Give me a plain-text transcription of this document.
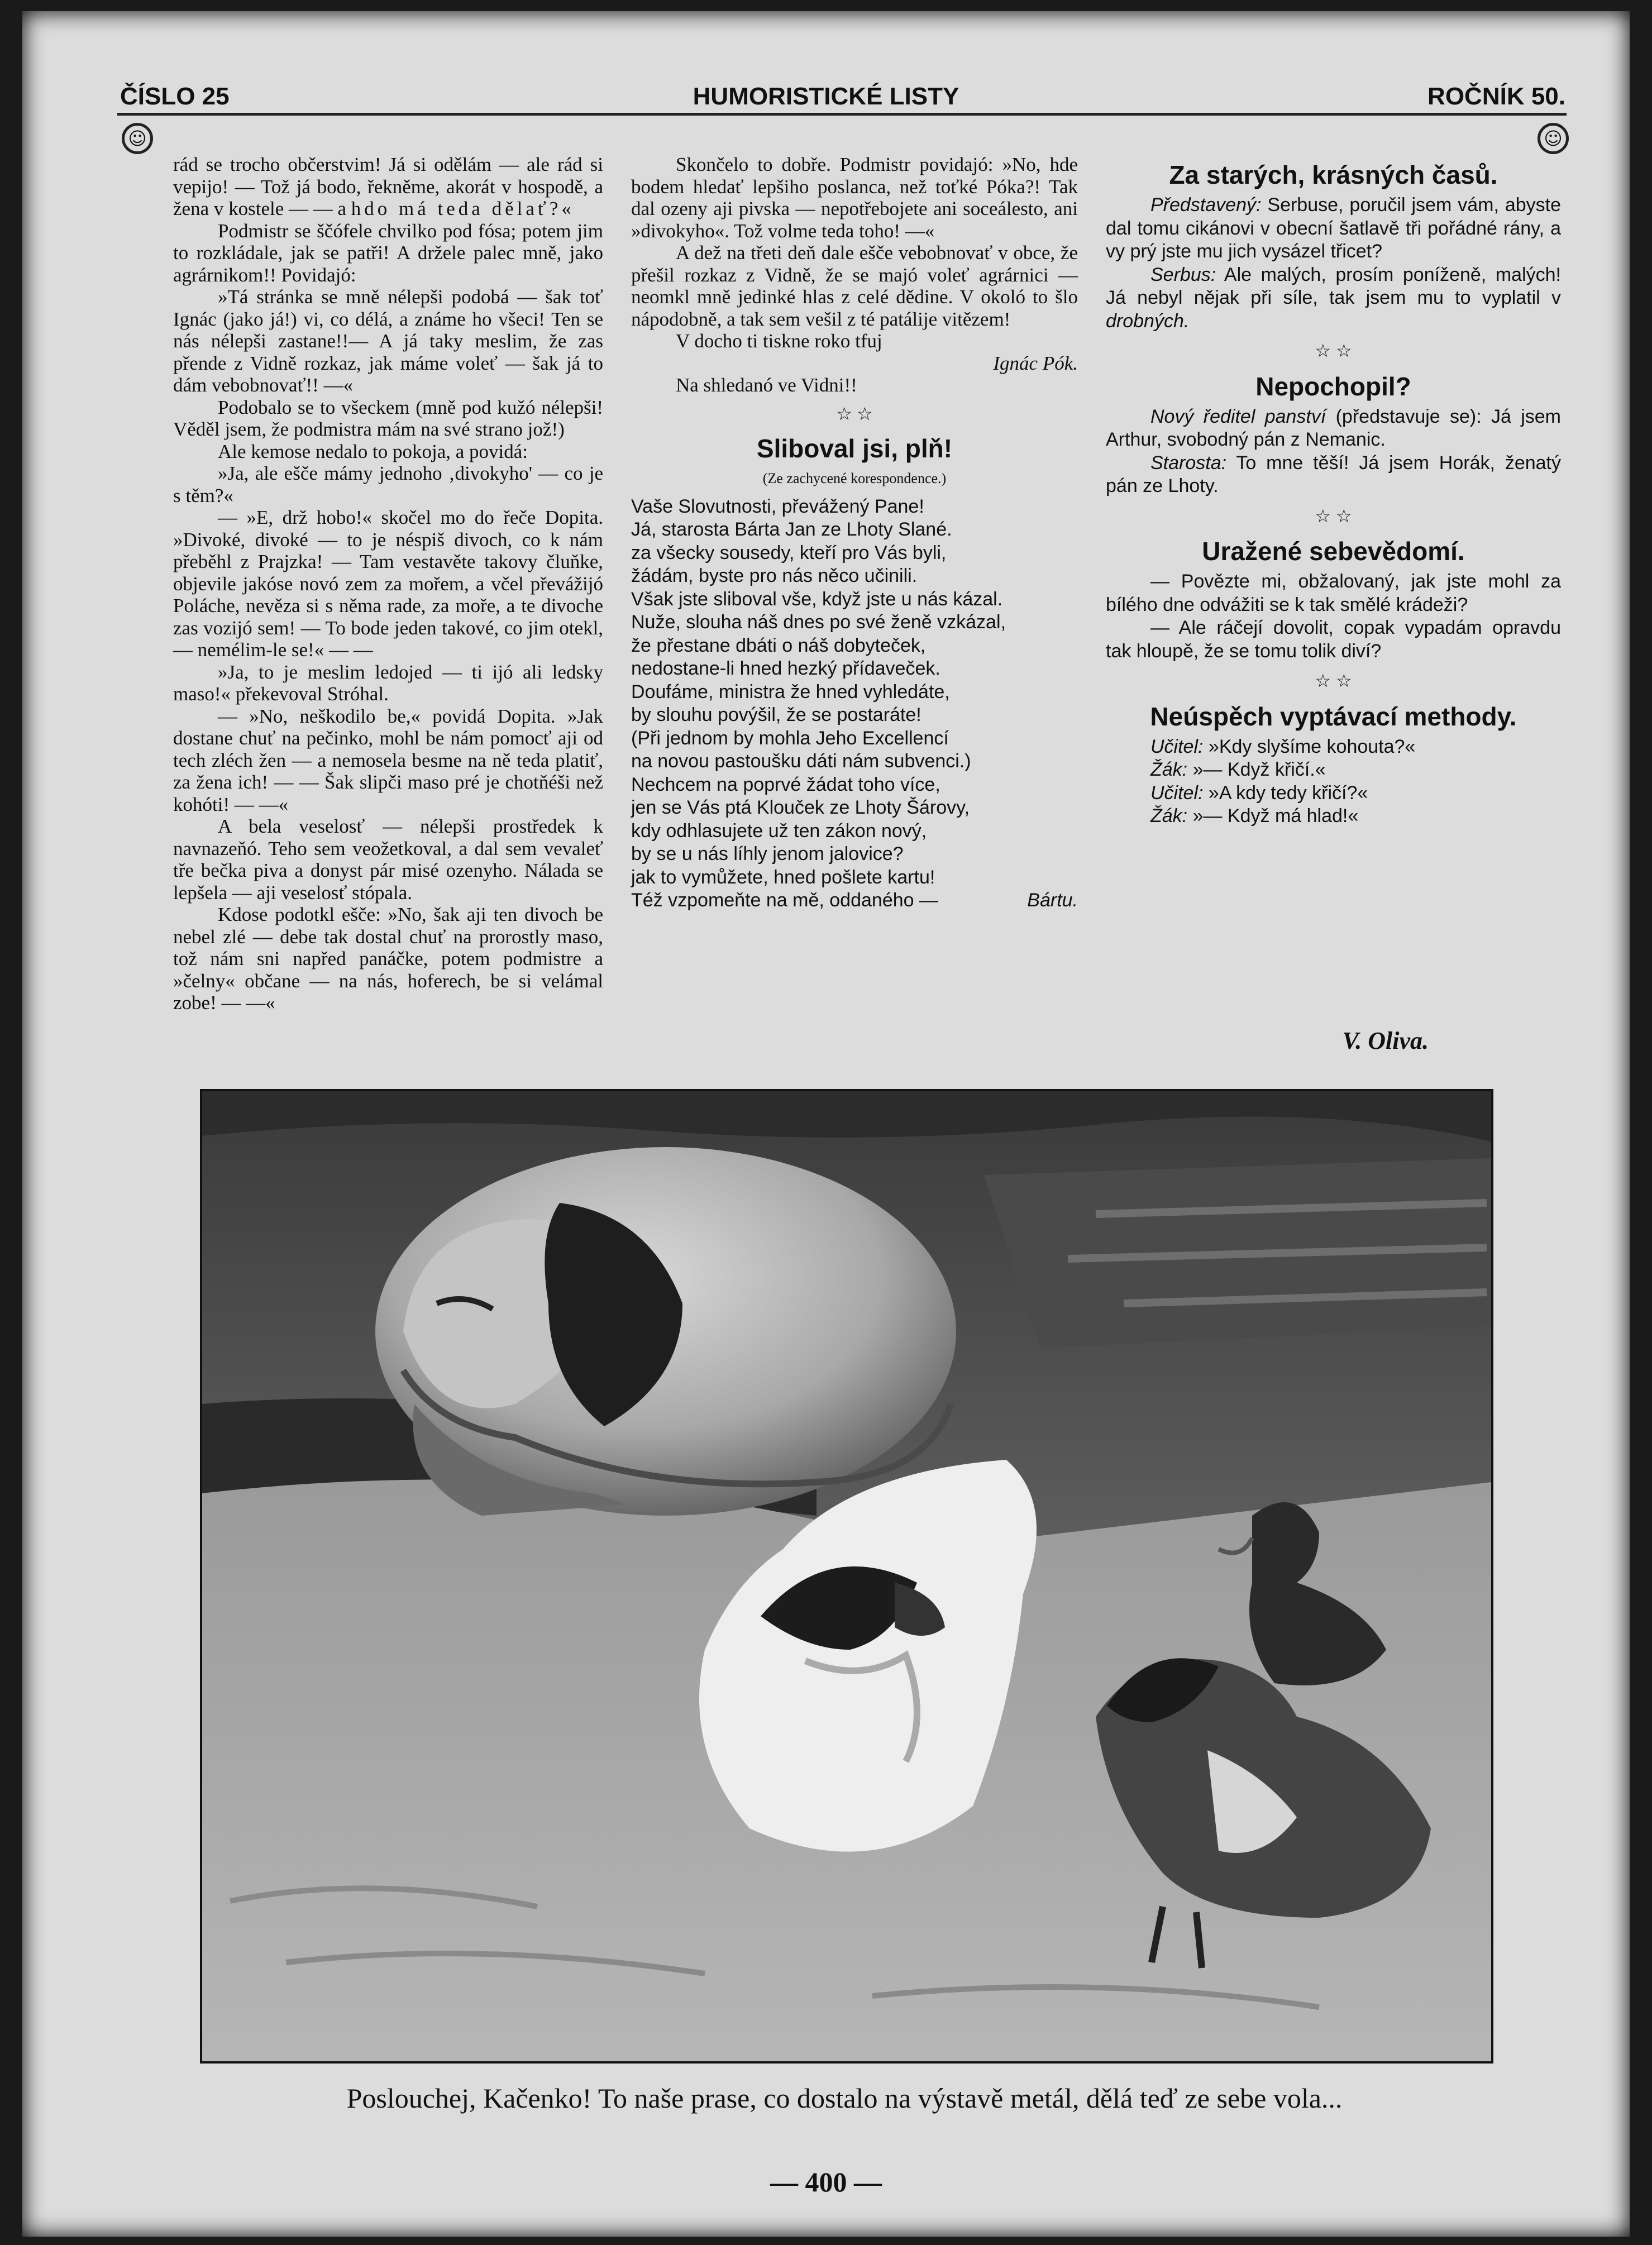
ČÍSLO 25	HUMORISTICKÉ LISTY	ROČNÍK 50.
☺	☺

rád se trocho občerstvim! Já si odělám — ale rád si vepijo! — Tož já bodo, řekněme, akorát v hospodě, a žena v kostele — — a hdo má teda dělať?«

Podmistr se ščófele chvilko pod fósa; potem jim to rozkládale, jak se patři! A držele palec mně, jako agrárnikom!! Povidajó:

»Tá stránka se mně nélepši podobá — šak toť Ignác (jako já!) vi, co délá, a známe ho všeci! Ten se nás nélepši zastane!!— A já taky meslim, že zas přende z Vidně rozkaz, jak máme voleť — šak já to dám vebobnovať!! —«

Podobalo se to všeckem (mně pod kužó nélepši! Věděl jsem, že podmistra mám na své strano jož!)

Ale kemose nedalo to pokoja, a povidá:

»Ja, ale ešče mámy jednoho ‚divokyho' — co je s těm?«

— »E, drž hobo!« skočel mo do řeče Dopita. »Divoké, divoké — to je néspiš divoch, co k nám přeběhl z Prajzka! — Tam vestavěte takovy čluňke, objevile jakóse novó zem za mořem, a včel převážijó Poláche, nevěza si s něma rade, za moře, a te divoche zas vozijó sem! — To bode jeden takové, co jim otekl, — nemélim-le se!« — —

»Ja, to je meslim ledojed — ti ijó ali ledsky maso!« překevoval Stróhal.

— »No, neškodilo be,« povidá Dopita. »Jak dostane chuť na pečinko, mohl be nám pomocť aji od tech zléch žen — a nemosela besme na ně teda platiť, za žena ich! — — Šak slipči maso pré je chotňéši než kohóti! — —«

A bela veselosť — nélepši prostředek k navnazeňó. Teho sem veožetkoval, a dal sem vevaleť tře bečka piva a donyst pár misé ozenyho. Nálada se lepšela — aji veselosť stópala.

Kdose podotkl ešče: »No, šak aji ten divoch be nebel zlé — debe tak dostal chuť na prorostly maso, tož nám sni napřed panáčke, potem podmistre a »čelny« občane — na nás, hoferech, be si velámal zobe! — —«

Skončelo to dobře. Podmistr povidajó: »No, hde bodem hledať lepšiho poslanca, než toťké Póka?! Tak dal ozeny aji pivska — nepotřebojete ani soceálesto, ani »divokyho«. Tož volme teda toho! —«

A dež na třeti deň dale ešče vebobnovať v obce, že přešil rozkaz z Vidně, že se majó voleť agrárnici — neomkl mně jedinké hlas z celé dědine. V okoló to šlo nápodobně, a tak sem vešil z té patálije vitězem!

V docho ti tiskne roko tfuj

Ignác Pók.

Na shledanó ve Vidni!!

☆ ☆

Sliboval jsi, plň!

(Ze zachycené korespondence.)

Vaše Slovutnosti, převážený Pane!

Já, starosta Bárta Jan ze Lhoty Slané.

za všecky sousedy, kteří pro Vás byli,

žádám, byste pro nás něco učinili.

Však jste sliboval vše, když jste u nás kázal.

Nuže, slouha náš dnes po své ženě vzkázal,

že přestane dbáti o náš dobyteček,

nedostane-li hned hezký přídaveček.

Doufáme, ministra že hned vyhledáte,

by slouhu povýšil, že se postaráte!

(Při jednom by mohla Jeho Excellencí

na novou pastoušku dáti nám subvenci.)

Nechcem na poprvé žádat toho více,

jen se Vás ptá Klouček ze Lhoty Šárovy,

kdy odhlasujete už ten zákon nový,

by se u nás líhly jenom jalovice?

jak to vymůžete, hned pošlete kartu!

Též vzpomeňte na mě, oddaného —	Bártu.

Za starých, krásných časů.

Představený: Serbuse, poručil jsem vám, abyste dal tomu cikánovi v obecní šatlavě tři pořádné rány, a vy prý jste mu jich vysázel třicet?

Serbus: Ale malých, prosím poníženě, malých! Já nebyl nějak při síle, tak jsem mu to vyplatil v drobných.

☆ ☆

Nepochopil?

Nový ředitel panství (představuje se): Já jsem Arthur, svobodný pán z Nemanic.

Starosta: To mne těší! Já jsem Horák, ženatý pán ze Lhoty.

☆ ☆

Uražené sebevědomí.

— Povězte mi, obžalovaný, jak jste mohl za bílého dne odvážiti se k tak smělé krádeži?

— Ale ráčejí dovolit, copak vypadám opravdu tak hloupě, že se tomu tolik diví?

☆ ☆

Neúspěch vyptávací methody.

Učitel: »Kdy slyšíme kohouta?«

Žák: »— Když křičí.«

Učitel: »A kdy tedy křičí?«

Žák: »— Když má hlad!«

V. Oliva.
Poslouchej, Kačenko! To naše prase, co dostalo na výstavě metál, dělá teď ze sebe vola...
— 400 —
